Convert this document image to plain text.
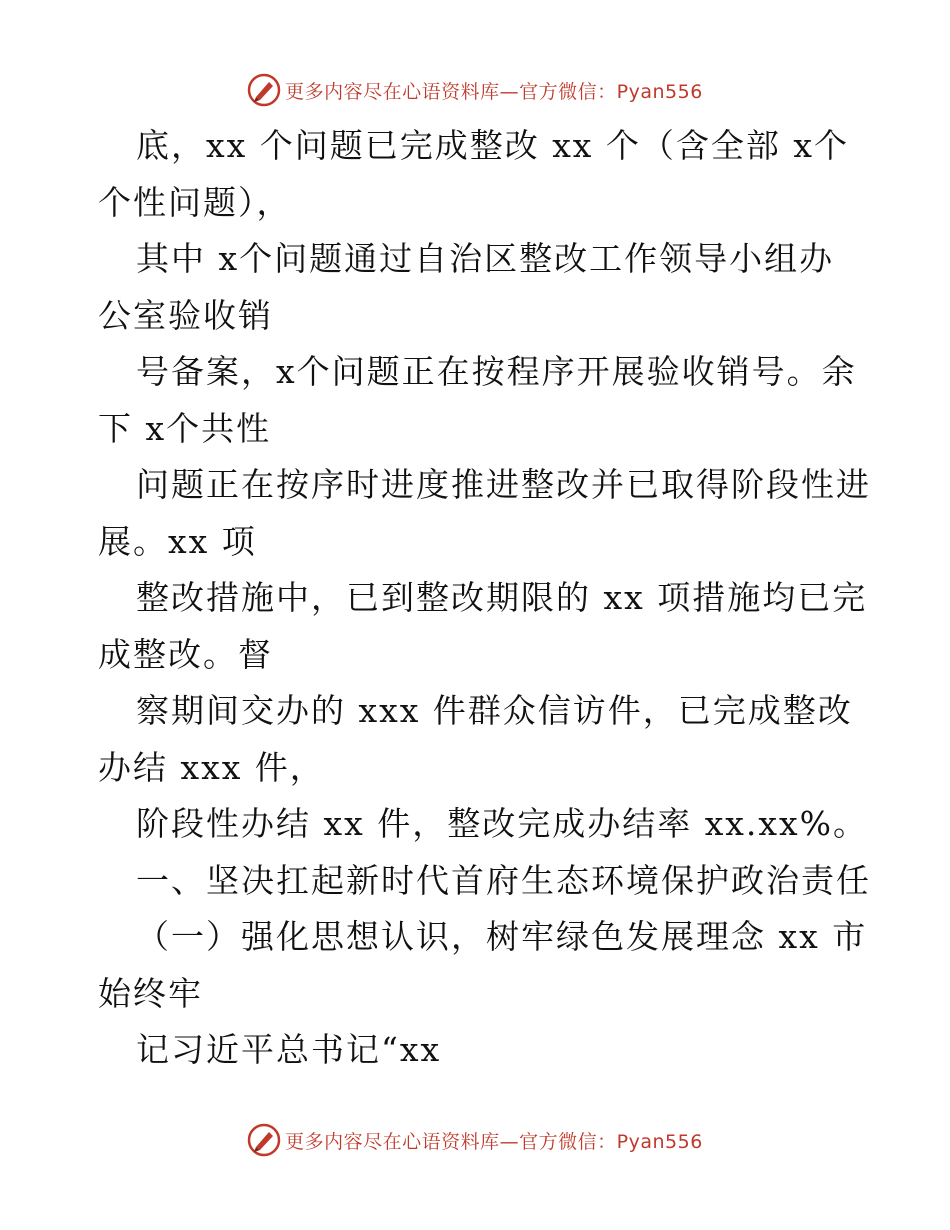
更多内容尽在心语资料库—官方微信：Pyan556
底，xx 个问题已完成整改 xx 个（含全部 x个
个性问题），
其中 x个问题通过自治区整改工作领导小组办
公室验收销
号备案，x个问题正在按程序开展验收销号。余
下 x个共性
问题正在按序时进度推进整改并已取得阶段性进
展。xx 项
整改措施中，已到整改期限的 xx 项措施均已完
成整改。督
察期间交办的 xxx 件群众信访件，已完成整改
办结 xxx 件，
阶段性办结 xx 件，整改完成办结率 xx.xx%。
一、坚决扛起新时代首府生态环境保护政治责任
（一）强化思想认识，树牢绿色发展理念 xx 市
始终牢
记习近平总书记“xx
更多内容尽在心语资料库—官方微信：Pyan556
